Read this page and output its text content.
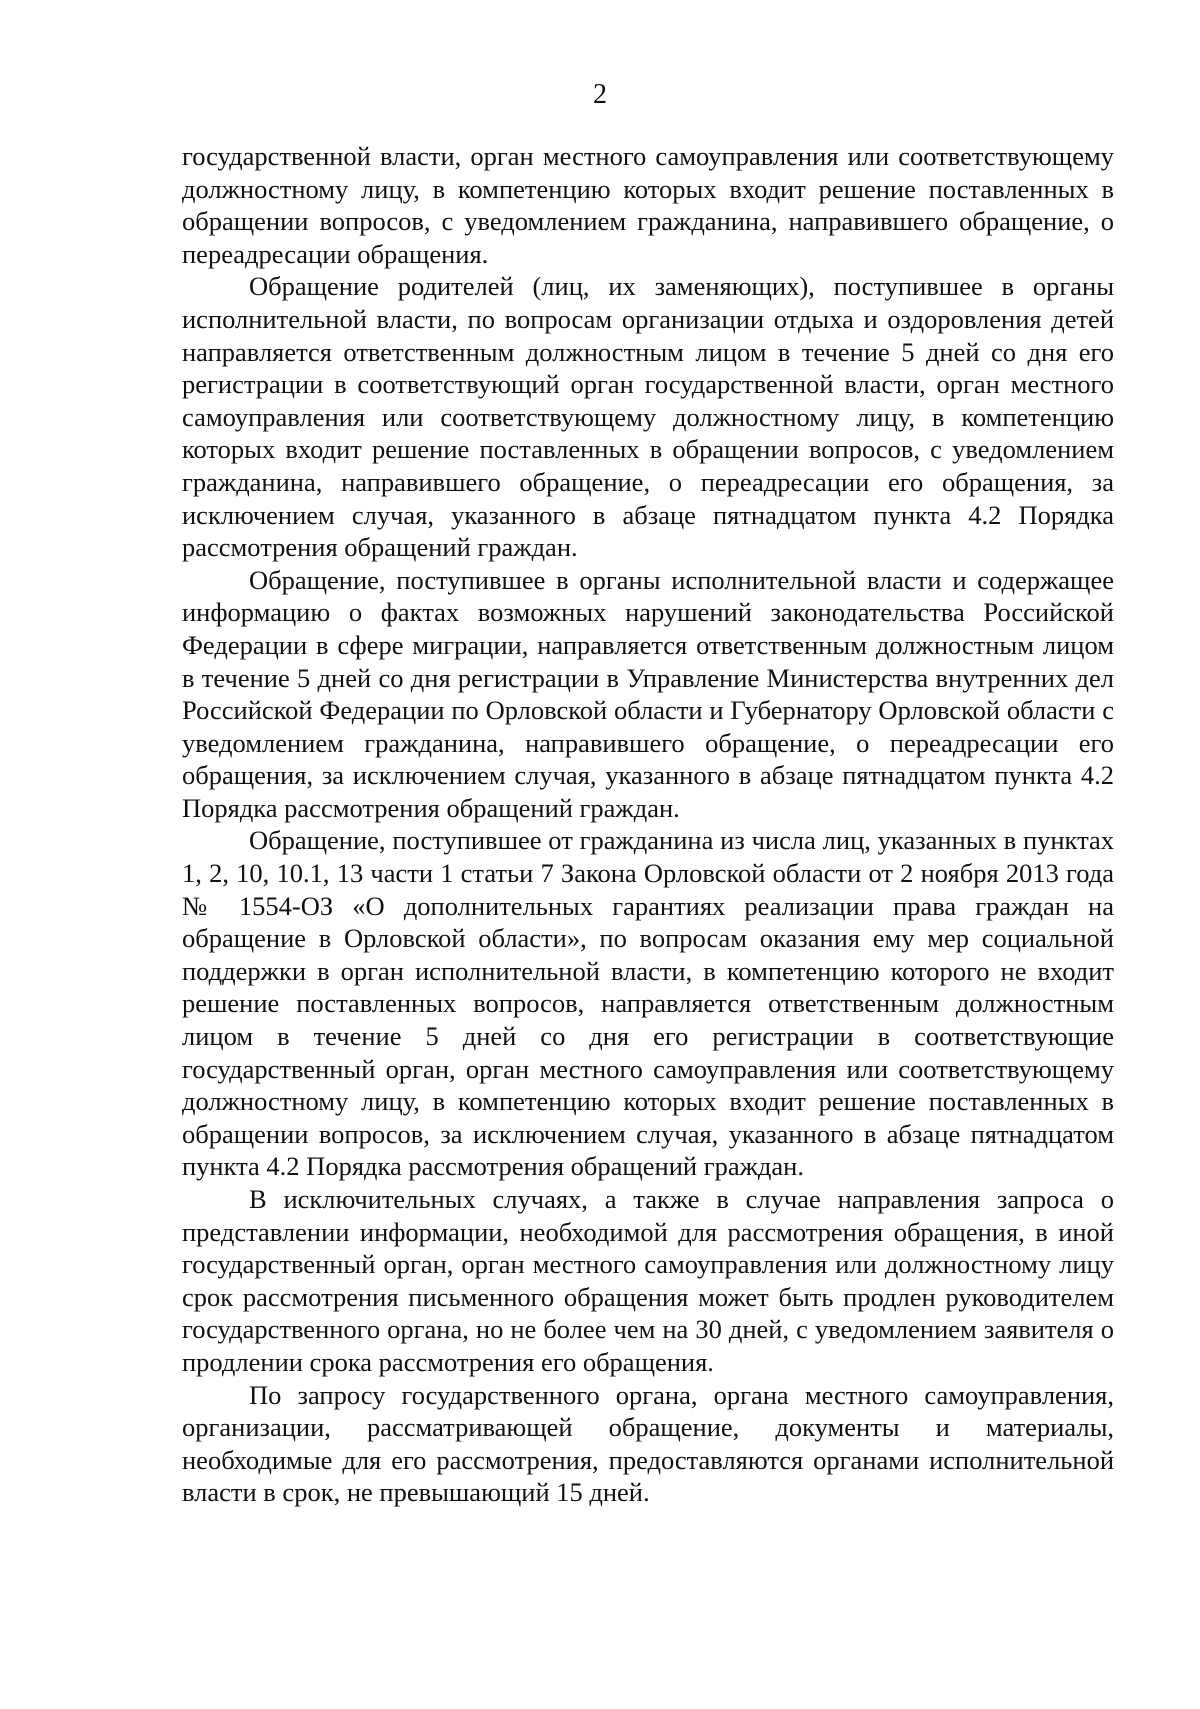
2

государственной власти, орган местного самоуправления или соответствующему должностному лицу, в компетенцию которых входит решение поставленных в обращении вопросов, с уведомлением гражданина, направившего обращение, о переадресации обращения.

Обращение родителей (лиц, их заменяющих), поступившее в органы исполнительной власти, по вопросам организации отдыха и оздоровления детей направляется ответственным должностным лицом в течение 5 дней со дня его регистрации в соответствующий орган государственной власти, орган местного самоуправления или соответствующему должностному лицу, в компетенцию которых входит решение поставленных в обращении вопросов, с уведомлением гражданина, направившего обращение, о переадресации его обращения, за исключением случая, указанного в абзаце пятнадцатом пункта 4.2 Порядка рассмотрения обращений граждан.

Обращение, поступившее в органы исполнительной власти и содержащее информацию о фактах возможных нарушений законодательства Российской Федерации в сфере миграции, направляется ответственным должностным лицом в течение 5 дней со дня регистрации в Управление Министерства внутренних дел Российской Федерации по Орловской области и Губернатору Орловской области с уведомлением гражданина, направившего обращение, о переадресации его обращения, за исключением случая, указанного в абзаце пятнадцатом пункта 4.2 Порядка рассмотрения обращений граждан.

Обращение, поступившее от гражданина из числа лиц, указанных в пунктах 1, 2, 10, 10.1, 13 части 1 статьи 7 Закона Орловской области от 2 ноября 2013 года № 1554-ОЗ «О дополнительных гарантиях реализации права граждан на обращение в Орловской области», по вопросам оказания ему мер социальной поддержки в орган исполнительной власти, в компетенцию которого не входит решение поставленных вопросов, направляется ответственным должностным лицом в течение 5 дней со дня его регистрации в соответствующие государственный орган, орган местного самоуправления или соответствующему должностному лицу, в компетенцию которых входит решение поставленных в обращении вопросов, за исключением случая, указанного в абзаце пятнадцатом пункта 4.2 Порядка рассмотрения обращений граждан.

В исключительных случаях, а также в случае направления запроса о представлении информации, необходимой для рассмотрения обращения, в иной государственный орган, орган местного самоуправления или должностному лицу срок рассмотрения письменного обращения может быть продлен руководителем государственного органа, но не более чем на 30 дней, с уведомлением заявителя о продлении срока рассмотрения его обращения.

По запросу государственного органа, органа местного самоуправления, организации, рассматривающей обращение, документы и материалы, необходимые для его рассмотрения, предоставляются органами исполнительной власти в срок, не превышающий 15 дней.
